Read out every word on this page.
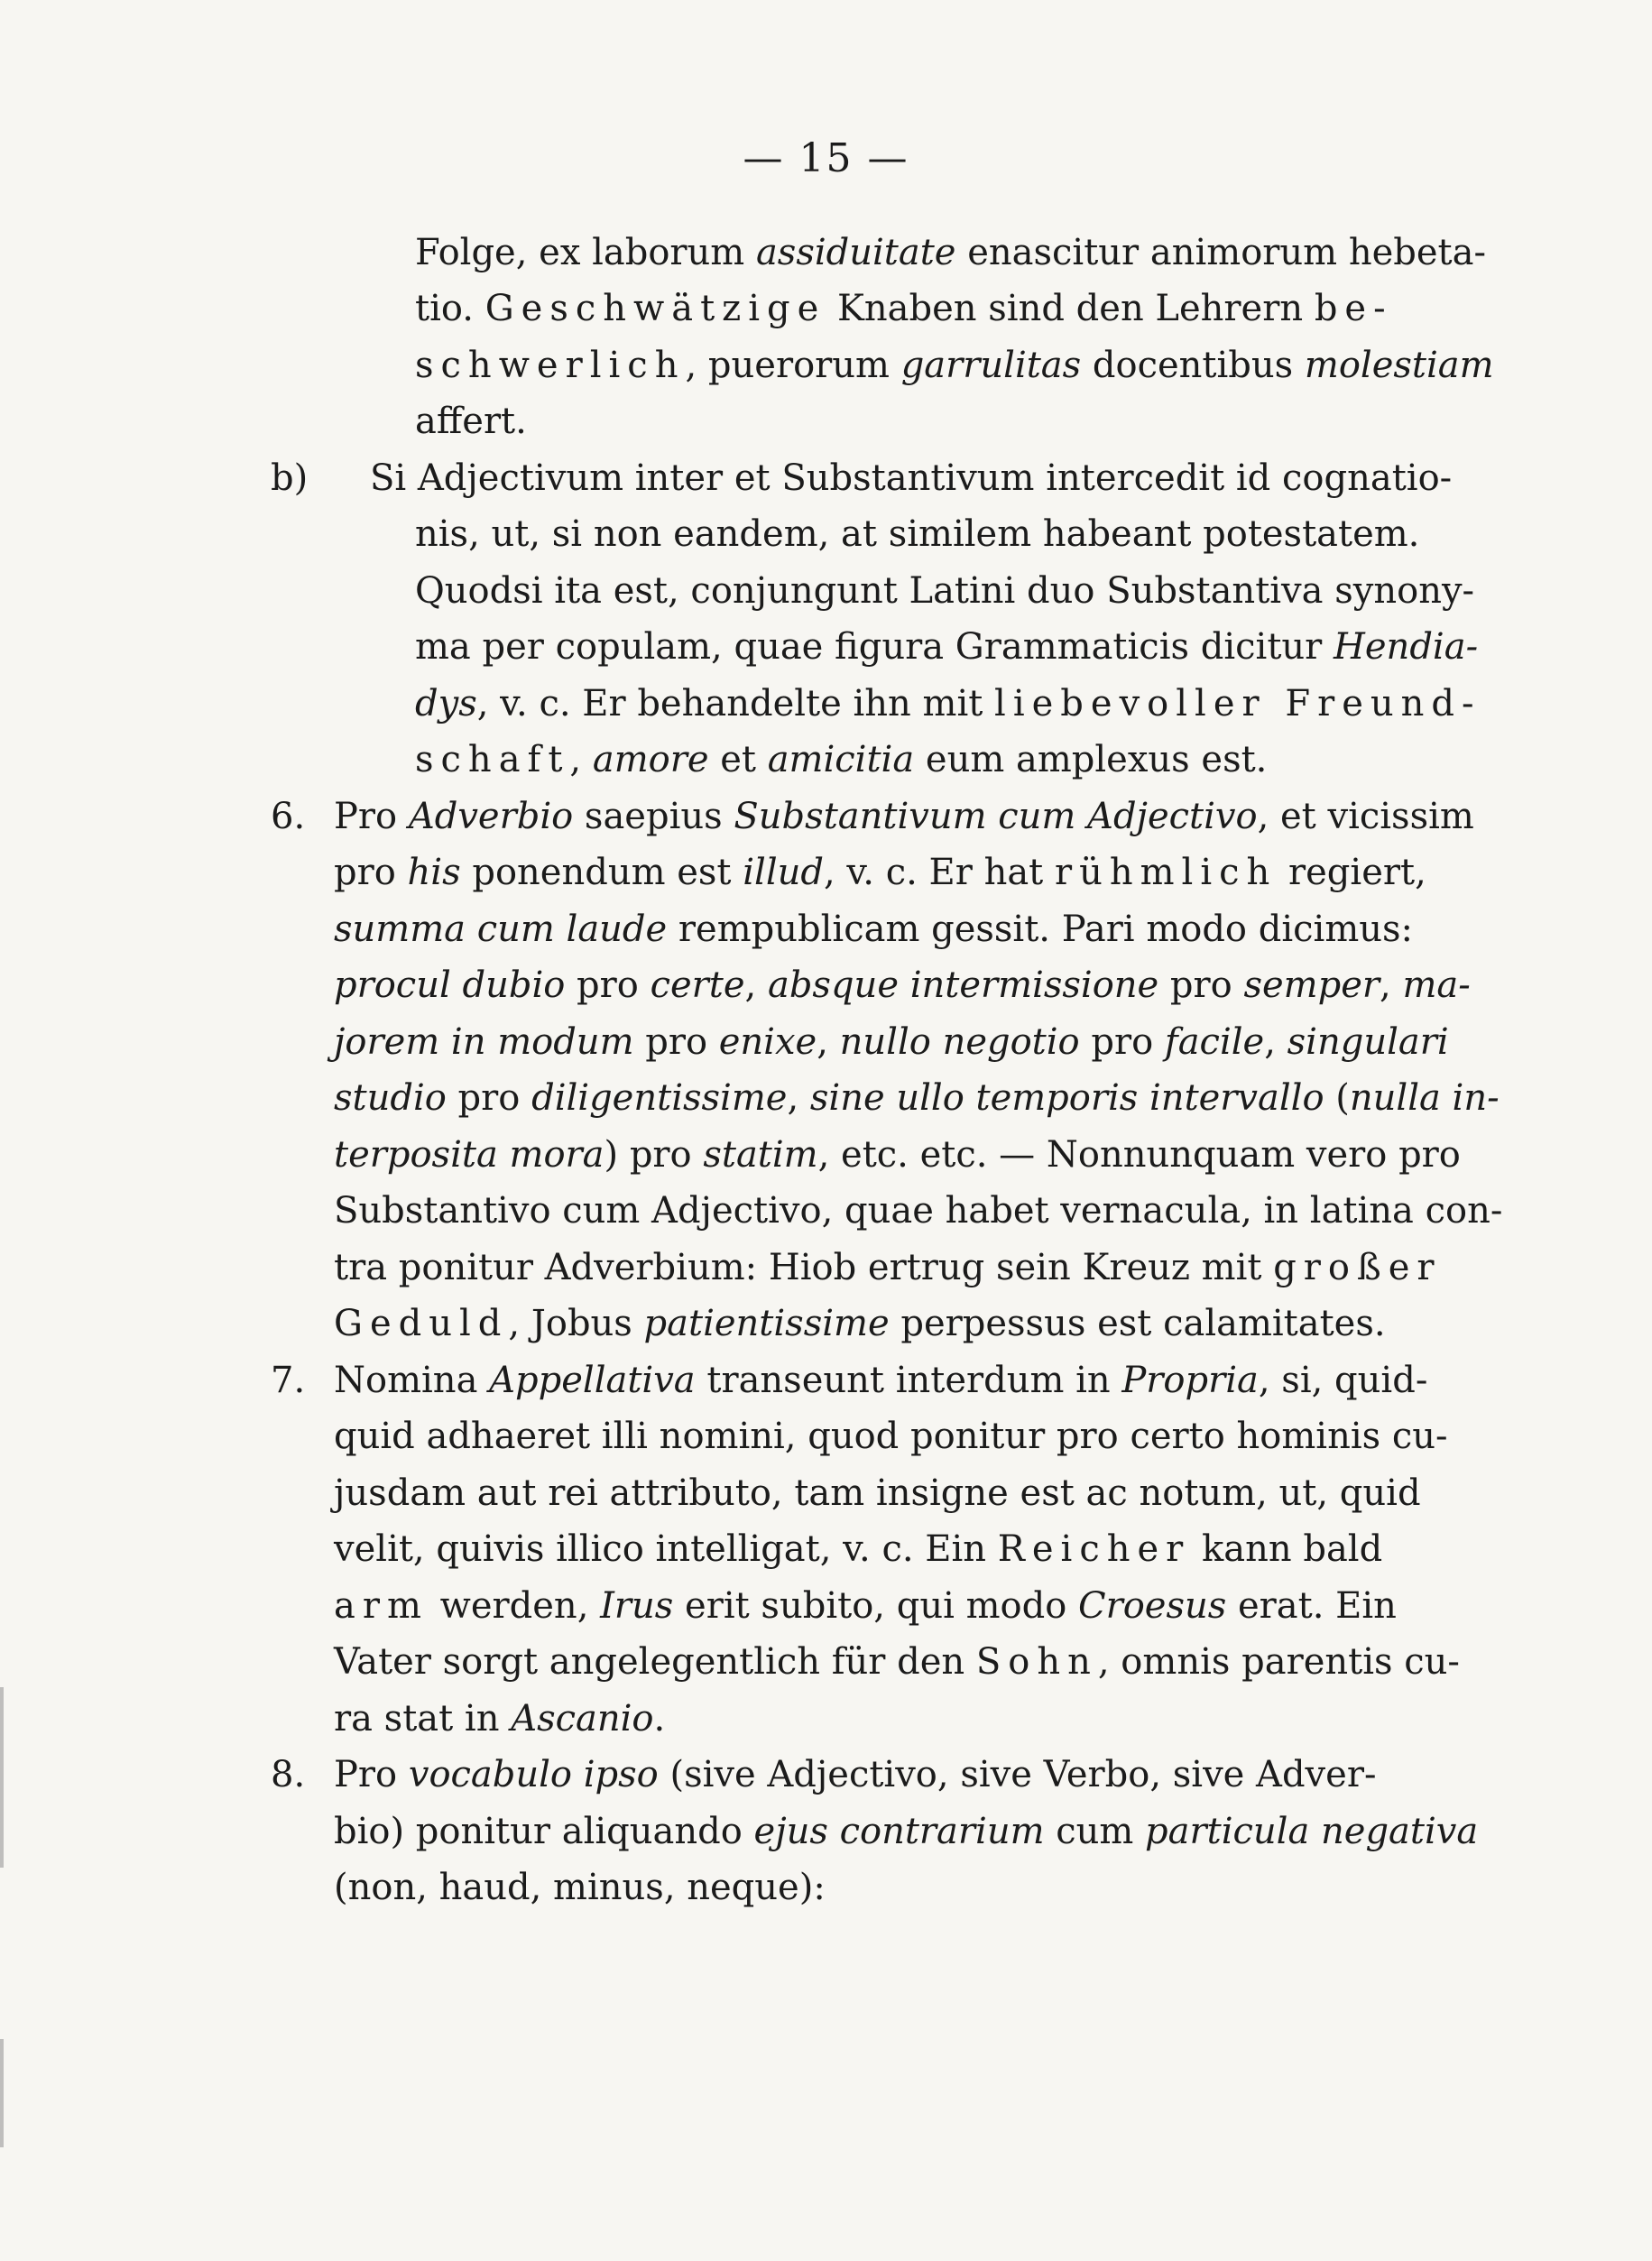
— 15 —
Folge, ex laborum assiduitate enascitur animorum hebeta-
tio. Geschwätzige Knaben sind den Lehrern be-
schwerlich, puerorum garrulitas docentibus molestiam
affert.
b) Si Adjectivum inter et Substantivum intercedit id cognatio-
nis, ut, si non eandem, at similem habeant potestatem.
Quodsi ita est, conjungunt Latini duo Substantiva synony-
ma per copulam, quae figura Grammaticis dicitur Hendia-
dys, v. c. Er behandelte ihn mit liebevoller Freund-
schaft, amore et amicitia eum amplexus est.
6. Pro Adverbio saepius Substantivum cum Adjectivo, et vicissim
pro his ponendum est illud, v. c. Er hat rühmlich regiert,
summa cum laude rempublicam gessit. Pari modo dicimus:
procul dubio pro certe, absque intermissione pro semper, ma-
jorem in modum pro enixe, nullo negotio pro facile, singulari
studio pro diligentissime, sine ullo temporis intervallo (nulla in-
terposita mora) pro statim, etc. etc. — Nonnunquam vero pro
Substantivo cum Adjectivo, quae habet vernacula, in latina con-
tra ponitur Adverbium: Hiob ertrug sein Kreuz mit großer
Geduld, Jobus patientissime perpessus est calamitates.
7. Nomina Appellativa transeunt interdum in Propria, si, quid-
quid adhaeret illi nomini, quod ponitur pro certo hominis cu-
jusdam aut rei attributo, tam insigne est ac notum, ut, quid
velit, quivis illico intelligat, v. c. Ein Reicher kann bald
arm werden, Irus erit subito, qui modo Croesus erat. Ein
Vater sorgt angelegentlich für den Sohn, omnis parentis cu-
ra stat in Ascanio.
8. Pro vocabulo ipso (sive Adjectivo, sive Verbo, sive Adver-
bio) ponitur aliquando ejus contrarium cum particula negativa
(non, haud, minus, neque):
